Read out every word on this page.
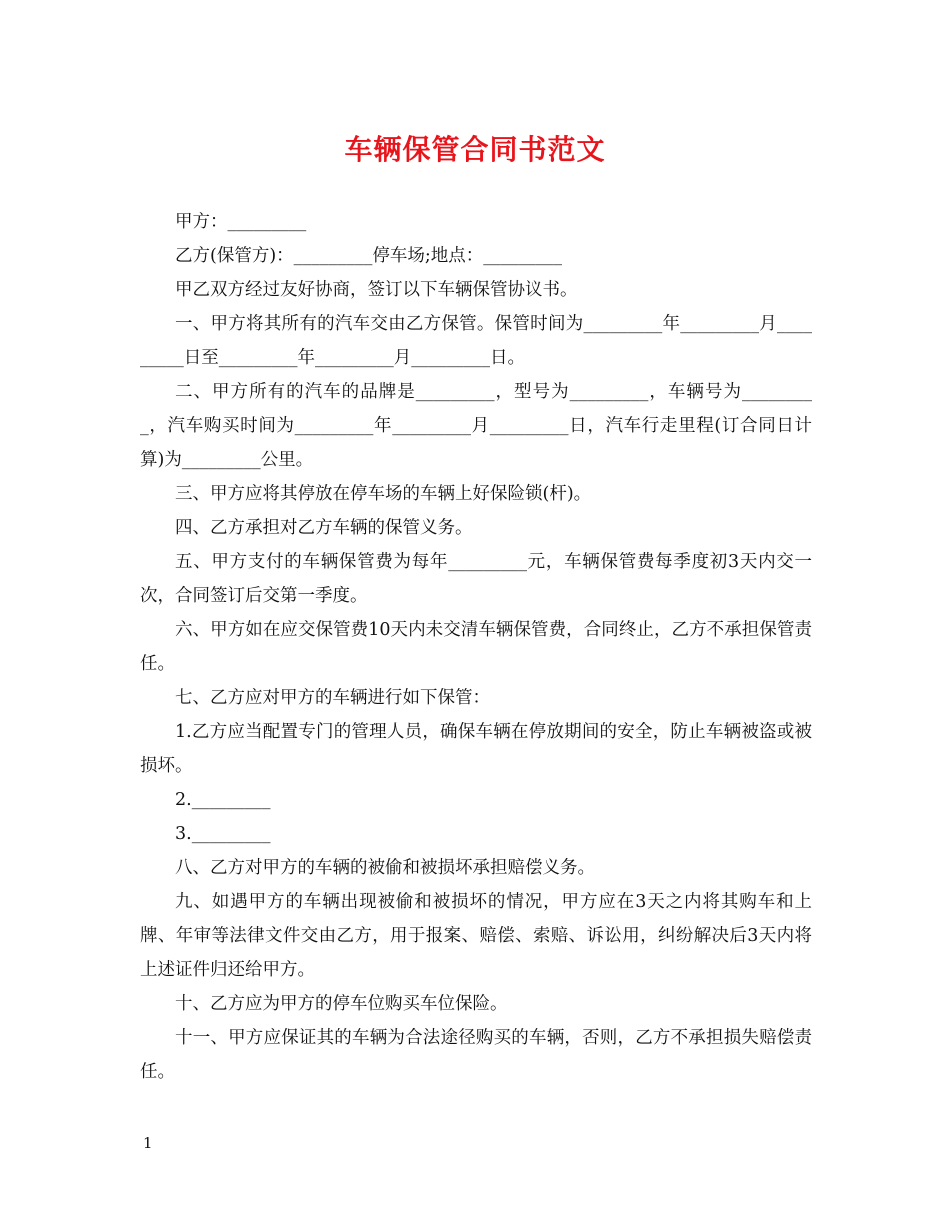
车辆保管合同书范文

甲方：_________

乙方(保管方)：_________停车场;地点：_________

甲乙双方经过友好协商，签订以下车辆保管协议书。

一、甲方将其所有的汽车交由乙方保管。保管时间为_________年_________月_________日至_________年_________月_________日。

二、甲方所有的汽车的品牌是_________，型号为_________，车辆号为_________，汽车购买时间为_________年_________月_________日，汽车行走里程(订合同日计算)为_________公里。

三、甲方应将其停放在停车场的车辆上好保险锁(杆)。

四、乙方承担对乙方车辆的保管义务。

五、甲方支付的车辆保管费为每年_________元，车辆保管费每季度初3天内交一次，合同签订后交第一季度。

六、甲方如在应交保管费10天内未交清车辆保管费，合同终止，乙方不承担保管责任。

七、乙方应对甲方的车辆进行如下保管：

1.乙方应当配置专门的管理人员，确保车辆在停放期间的安全，防止车辆被盗或被损坏。

2._________

3._________

八、乙方对甲方的车辆的被偷和被损坏承担赔偿义务。

九、如遇甲方的车辆出现被偷和被损坏的情况，甲方应在3天之内将其购车和上牌、年审等法律文件交由乙方，用于报案、赔偿、索赔、诉讼用，纠纷解决后3天内将上述证件归还给甲方。

十、乙方应为甲方的停车位购买车位保险。

十一、甲方应保证其的车辆为合法途径购买的车辆，否则，乙方不承担损失赔偿责任。

1
